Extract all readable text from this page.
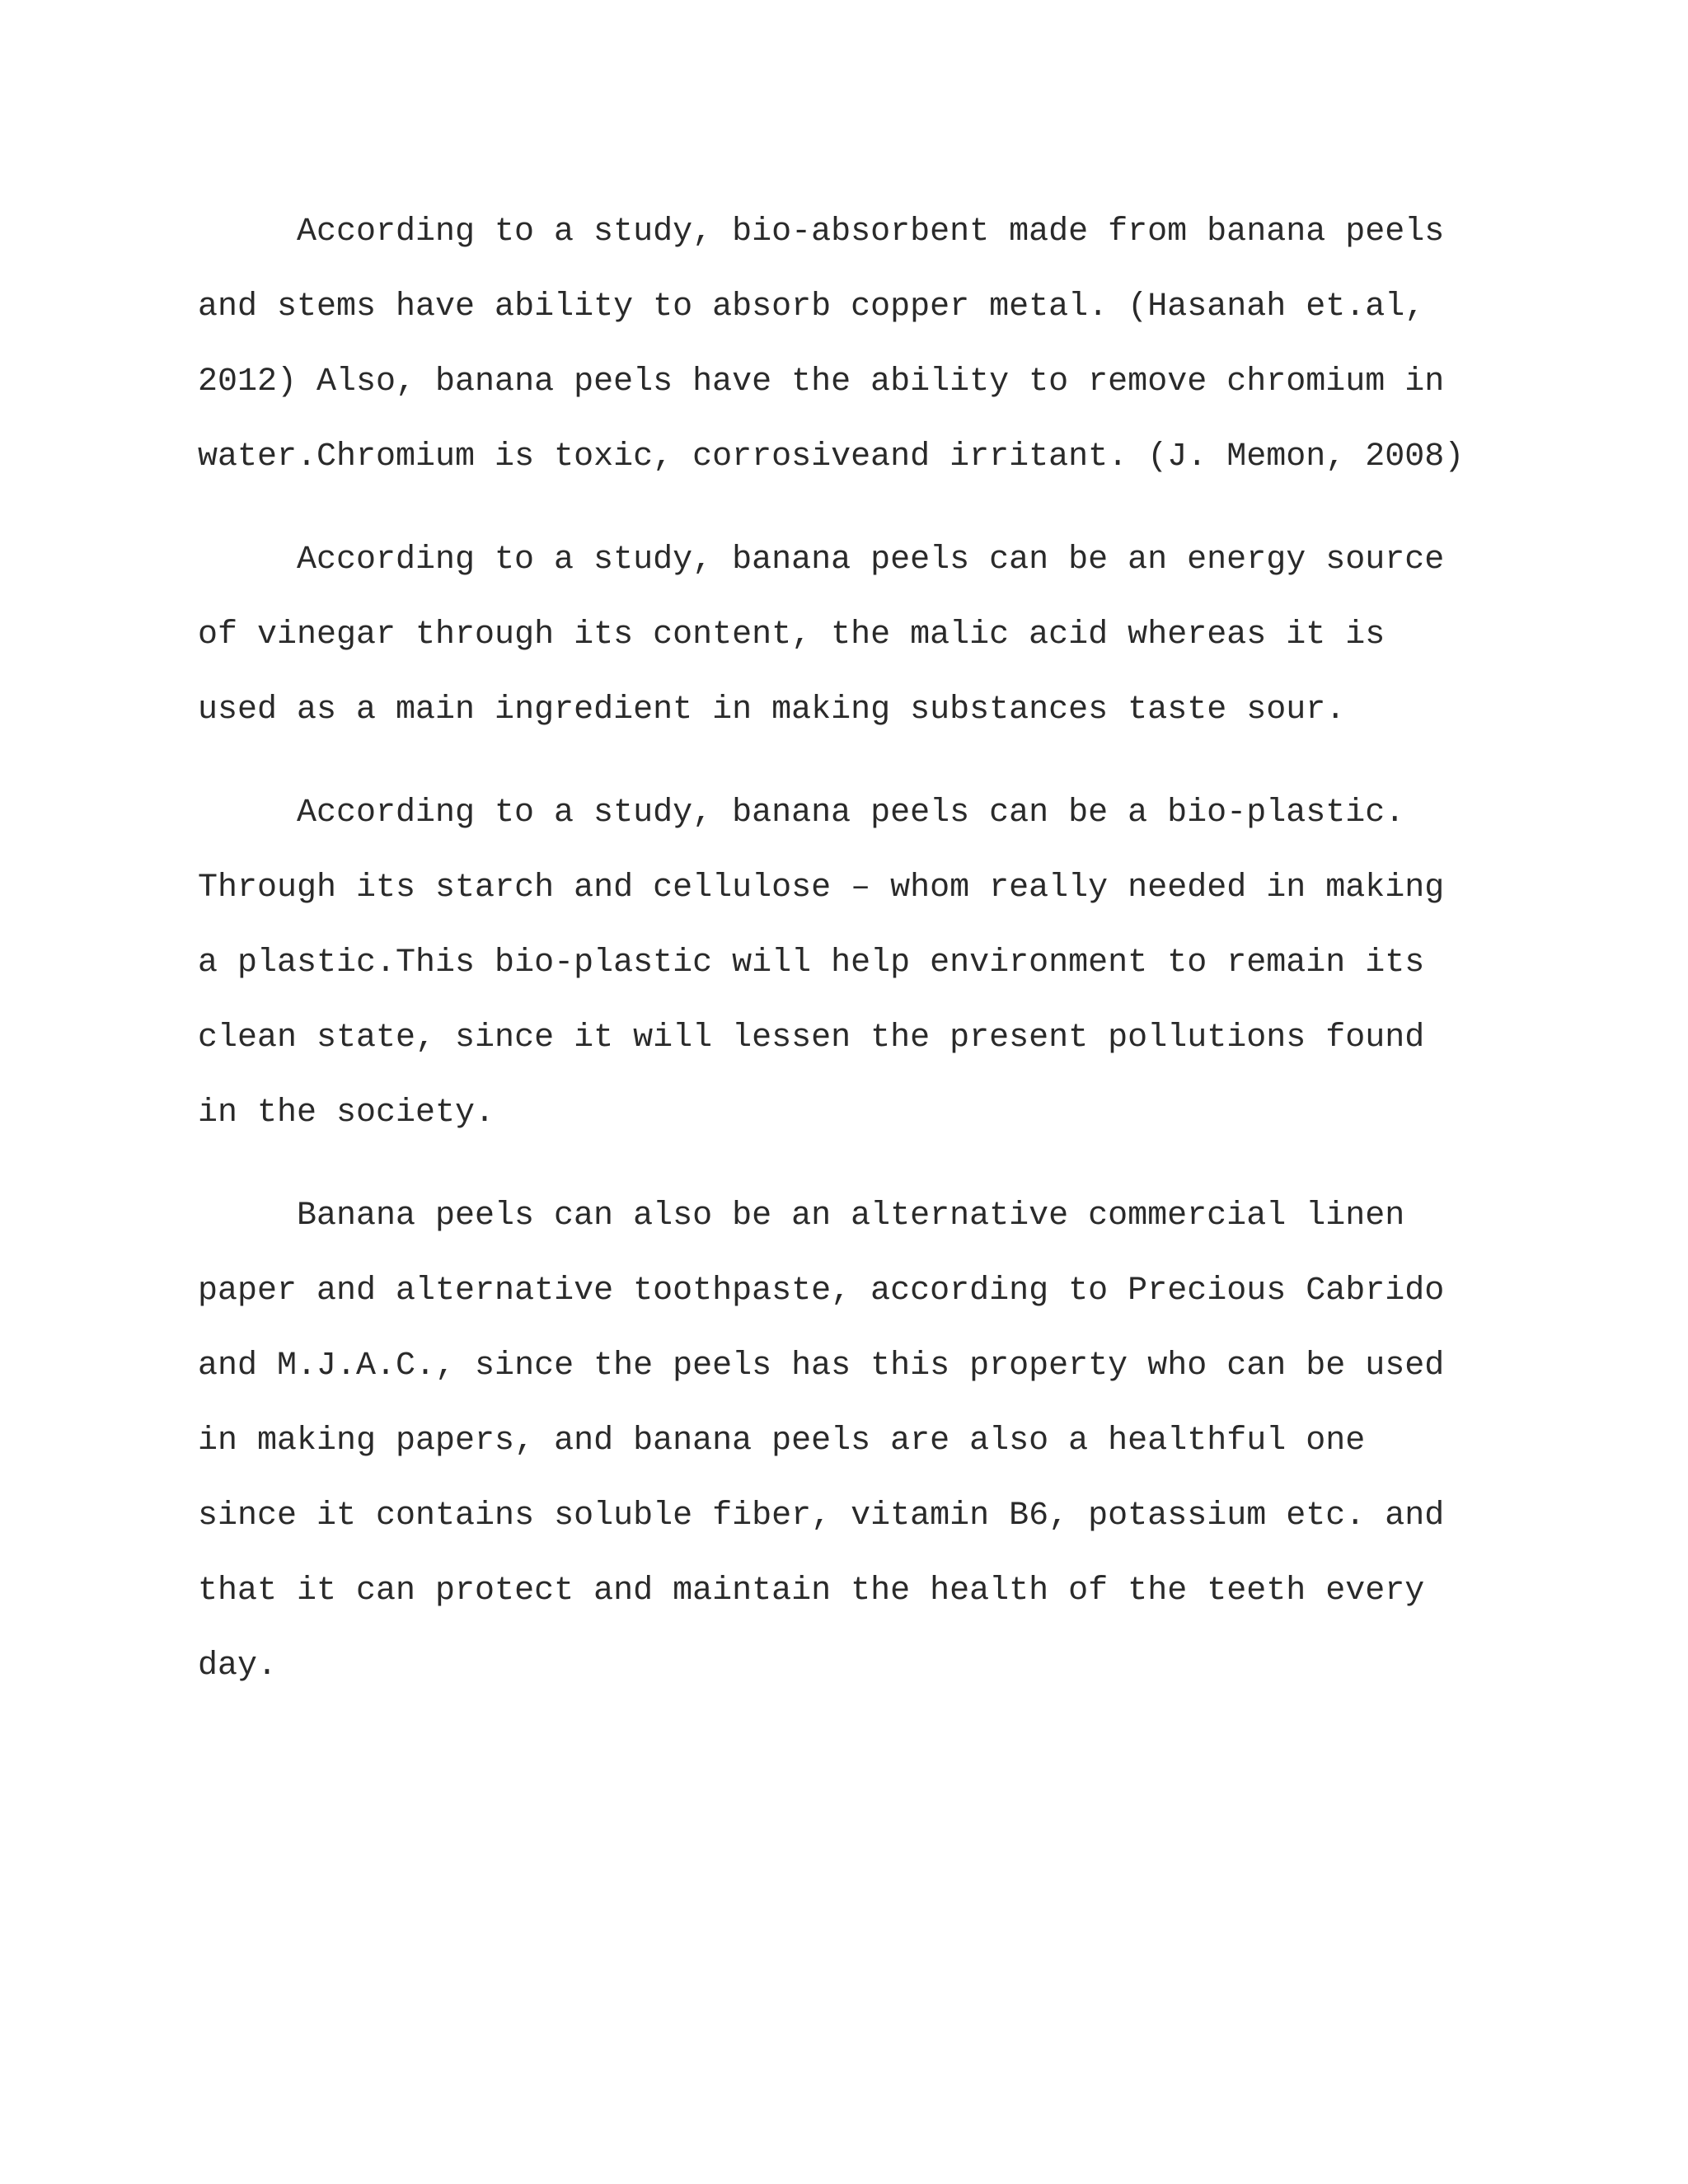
According to a study, bio-absorbent made from banana peels
and stems have ability to absorb copper metal. (Hasanah et.al,
2012) Also, banana peels have the ability to remove chromium in
water.Chromium is toxic, corrosiveand irritant. (J. Memon, 2008)
According to a study, banana peels can be an energy source
of vinegar through its content, the malic acid whereas it is
used as a main ingredient in making substances taste sour.
According to a study, banana peels can be a bio-plastic.
Through its starch and cellulose – whom really needed in making
a plastic.This bio-plastic will help environment to remain its
clean state, since it will lessen the present pollutions found
in the society.
Banana peels can also be an alternative commercial linen
paper and alternative toothpaste, according to Precious Cabrido
and M.J.A.C., since the peels has this property who can be used
in making papers, and banana peels are also a healthful one
since it contains soluble fiber, vitamin B6, potassium etc. and
that it can protect and maintain the health of the teeth every
day.
